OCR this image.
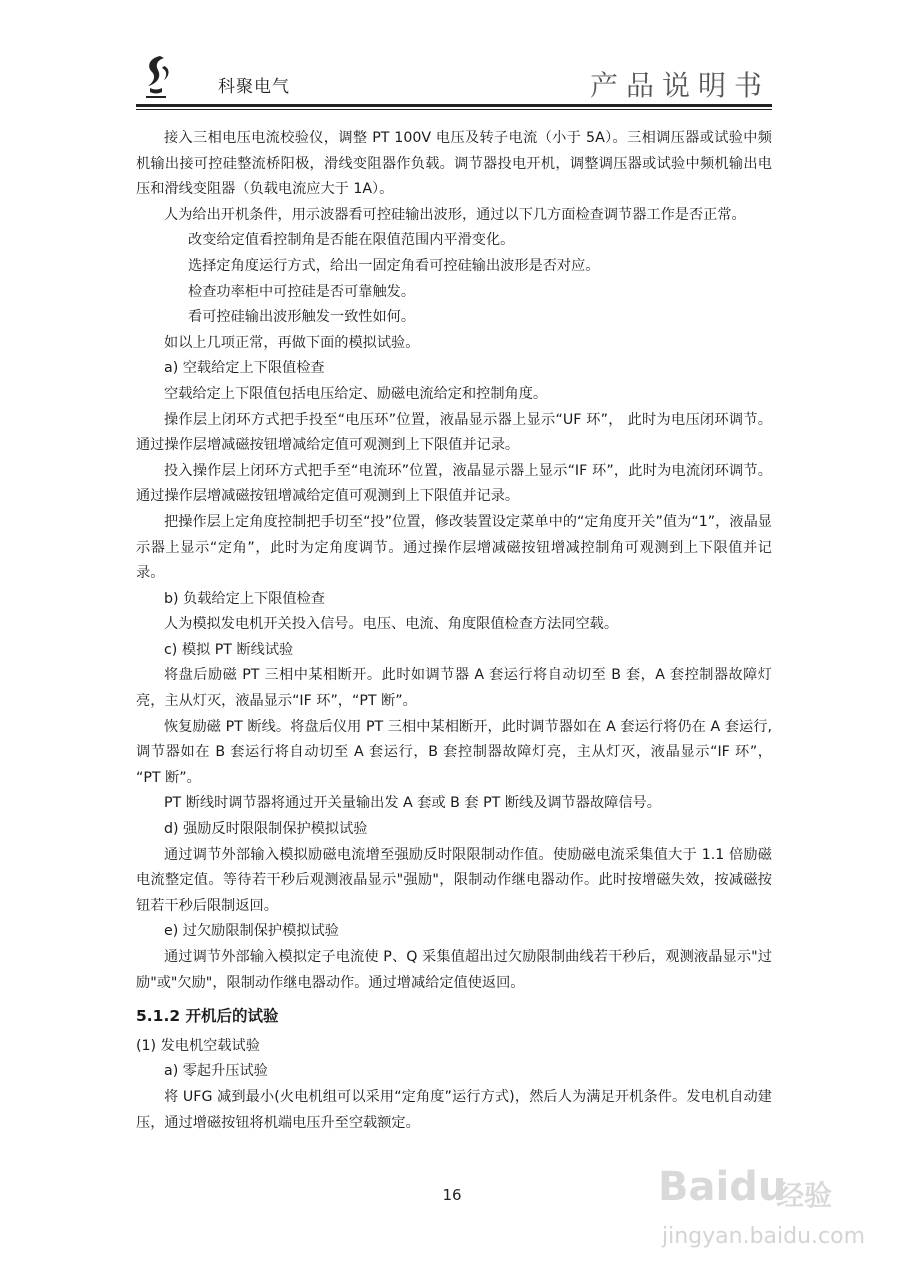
科聚电气	产品说明书

接入三相电压电流校验仪，调整 PT 100V 电压及转子电流（小于 5A）。三相调压器或试验中频机输出接可控硅整流桥阳极，滑线变阻器作负载。调节器投电开机，调整调压器或试验中频机输出电压和滑线变阻器（负载电流应大于 1A）。

人为给出开机条件，用示波器看可控硅输出波形，通过以下几方面检查调节器工作是否正常。

改变给定值看控制角是否能在限值范围内平滑变化。

选择定角度运行方式，给出一固定角看可控硅输出波形是否对应。

检查功率柜中可控硅是否可靠触发。

看可控硅输出波形触发一致性如何。

如以上几项正常，再做下面的模拟试验。

a) 空载给定上下限值检查

空载给定上下限值包括电压给定、励磁电流给定和控制角度。

操作层上闭环方式把手投至“电压环”位置，液晶显示器上显示“UF 环”， 此时为电压闭环调节。通过操作层增减磁按钮增减给定值可观测到上下限值并记录。

投入操作层上闭环方式把手至“电流环”位置，液晶显示器上显示“IF 环”，此时为电流闭环调节。通过操作层增减磁按钮增减给定值可观测到上下限值并记录。

把操作层上定角度控制把手切至“投”位置，修改装置设定菜单中的“定角度开关”值为“1”，液晶显示器上显示“定角”，此时为定角度调节。通过操作层增减磁按钮增减控制角可观测到上下限值并记录。

b) 负载给定上下限值检查

人为模拟发电机开关投入信号。电压、电流、角度限值检查方法同空载。

c) 模拟 PT 断线试验

将盘后励磁 PT 三相中某相断开。此时如调节器 A 套运行将自动切至 B 套，A 套控制器故障灯亮，主从灯灭，液晶显示“IF 环”，“PT 断”。

恢复励磁 PT 断线。将盘后仪用 PT 三相中某相断开，此时调节器如在 A 套运行将仍在 A 套运行, 调节器如在 B 套运行将自动切至 A 套运行，B 套控制器故障灯亮，主从灯灭，液晶显示“IF 环”， “PT 断”。

PT 断线时调节器将通过开关量输出发 A 套或 B 套 PT 断线及调节器故障信号。

d) 强励反时限限制保护模拟试验

通过调节外部输入模拟励磁电流增至强励反时限限制动作值。使励磁电流采集值大于 1.1 倍励磁电流整定值。等待若干秒后观测液晶显示"强励"，限制动作继电器动作。此时按增磁失效，按减磁按钮若干秒后限制返回。

e) 过欠励限制保护模拟试验

通过调节外部输入模拟定子电流使 P、Q 采集值超出过欠励限制曲线若干秒后，观测液晶显示"过励"或"欠励"，限制动作继电器动作。通过增减给定值使返回。

5.1.2 开机后的试验

(1) 发电机空载试验

a) 零起升压试验

将 UFG 减到最小(火电机组可以采用“定角度”运行方式)，然后人为满足开机条件。发电机自动建压，通过增磁按钮将机端电压升至空载额定。

16	Baidu
经验
jingyan.baidu.com
